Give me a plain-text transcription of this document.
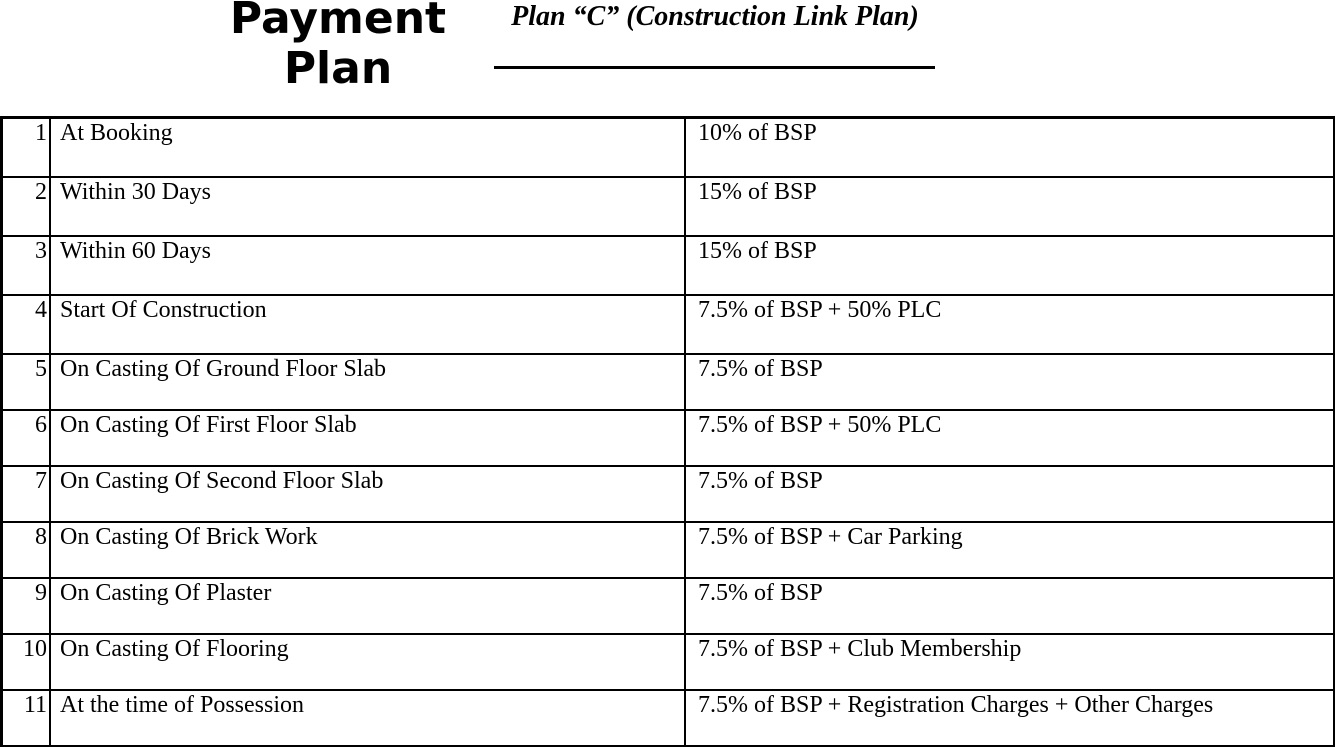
Payment Plan
Plan “C” (Construction Link Plan)
1	At Booking	10% of BSP
2	Within 30 Days	15% of BSP
3	Within 60 Days	15% of BSP
4	Start Of Construction	7.5% of BSP + 50% PLC
5	On Casting Of Ground Floor Slab	7.5% of BSP
6	On Casting Of First Floor Slab	7.5% of BSP + 50% PLC
7	On Casting Of Second Floor Slab	7.5% of BSP
8	On Casting Of Brick Work	7.5% of BSP + Car Parking
9	On Casting Of Plaster	7.5% of BSP
10	On Casting Of Flooring	7.5% of BSP + Club Membership
11	At the time of Possession	7.5% of BSP + Registration Charges + Other Charges
